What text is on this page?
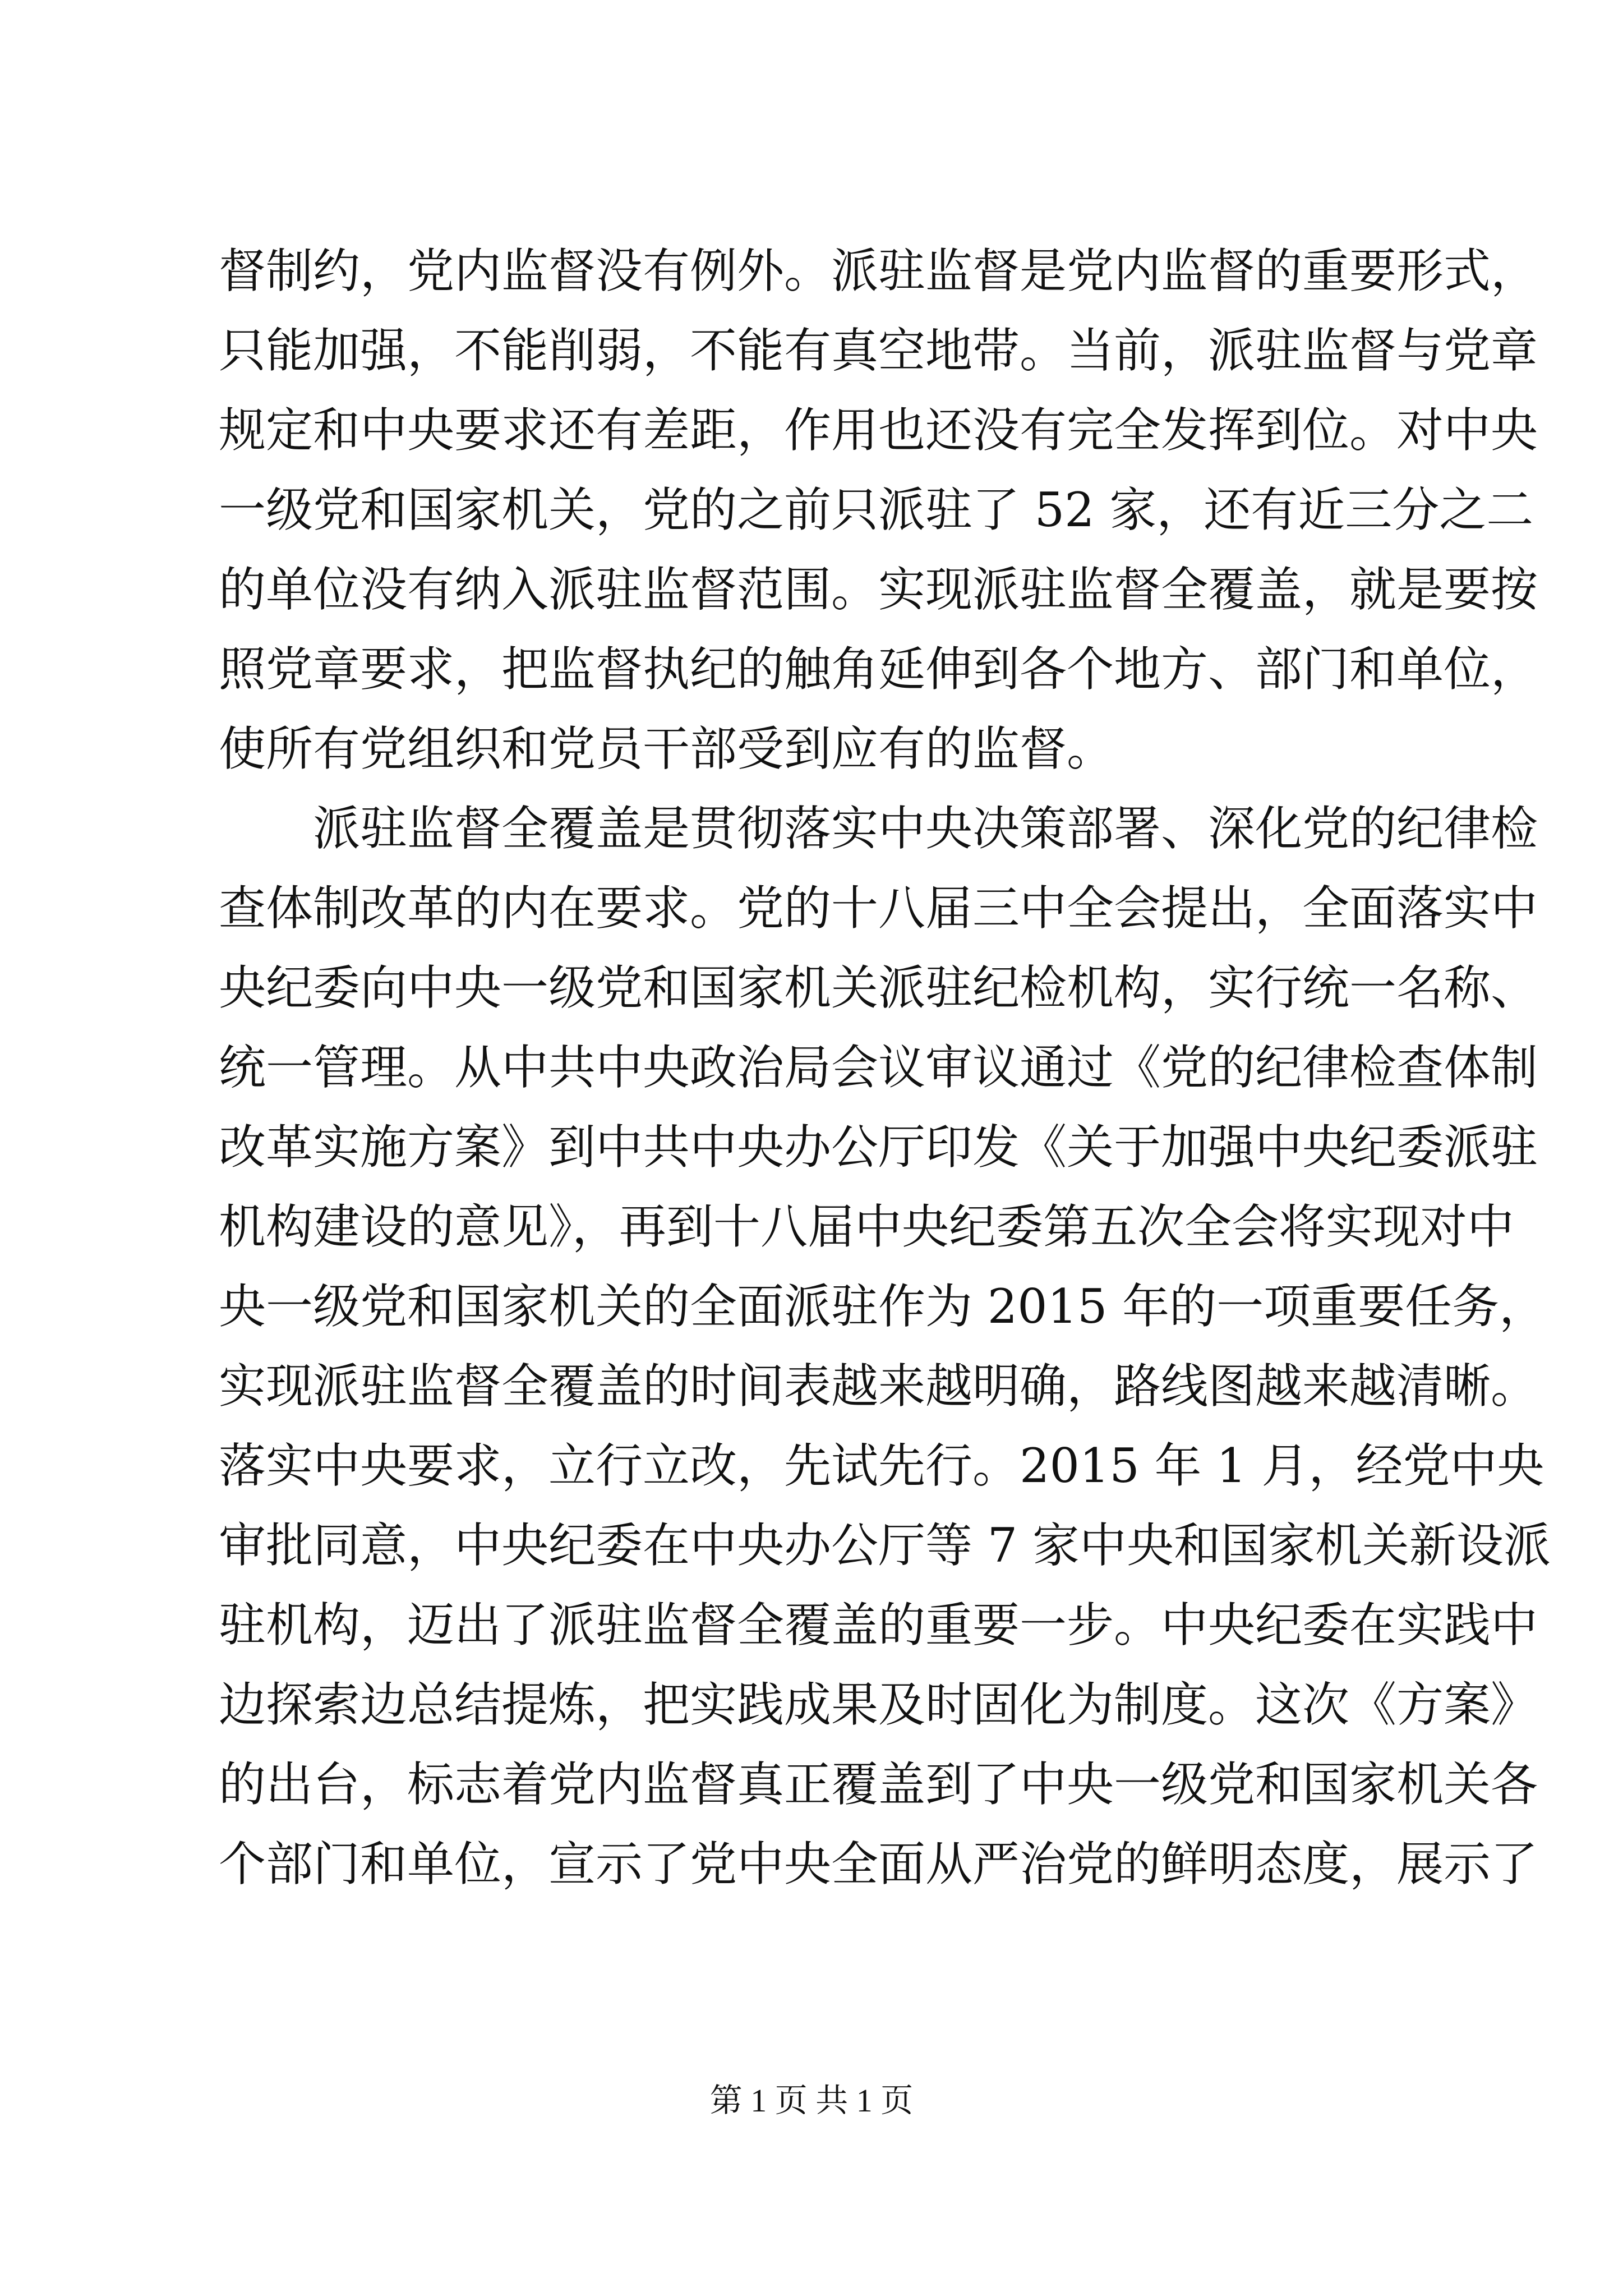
督制约，党内监督没有例外。派驻监督是党内监督的重要形式，
只能加强，不能削弱，不能有真空地带。当前，派驻监督与党章
规定和中央要求还有差距，作用也还没有完全发挥到位。对中央
一级党和国家机关，党的之前只派驻了 52 家，还有近三分之二
的单位没有纳入派驻监督范围。实现派驻监督全覆盖，就是要按
照党章要求，把监督执纪的触角延伸到各个地方、部门和单位，
使所有党组织和党员干部受到应有的监督。
派驻监督全覆盖是贯彻落实中央决策部署、深化党的纪律检
查体制改革的内在要求。党的十八届三中全会提出，全面落实中
央纪委向中央一级党和国家机关派驻纪检机构，实行统一名称、
统一管理。从中共中央政治局会议审议通过《党的纪律检查体制
改革实施方案》到中共中央办公厅印发《关于加强中央纪委派驻
机构建设的意见》，再到十八届中央纪委第五次全会将实现对中
央一级党和国家机关的全面派驻作为 2015 年的一项重要任务，
实现派驻监督全覆盖的时间表越来越明确，路线图越来越清晰。
落实中央要求，立行立改，先试先行。2015 年 1 月，经党中央
审批同意，中央纪委在中央办公厅等 7 家中央和国家机关新设派
驻机构，迈出了派驻监督全覆盖的重要一步。中央纪委在实践中
边探索边总结提炼，把实践成果及时固化为制度。这次《方案》
的出台，标志着党内监督真正覆盖到了中央一级党和国家机关各
个部门和单位，宣示了党中央全面从严治党的鲜明态度，展示了
第 1 页 共 1 页
